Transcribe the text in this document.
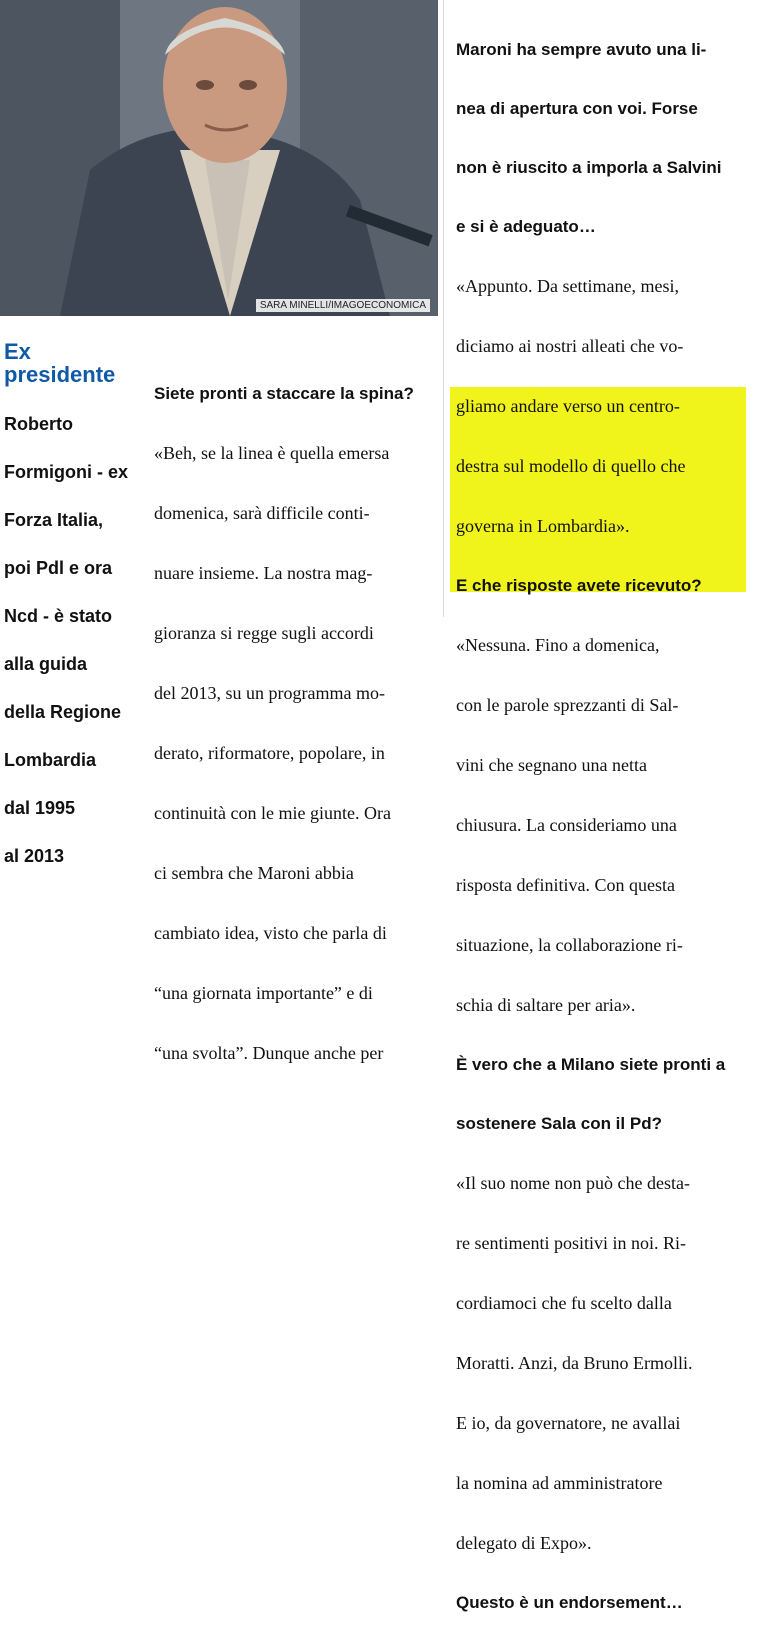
SARA MINELLI/IMAGOECONOMICA
Ex
presidente

Roberto

Formigoni - ex

Forza Italia,

poi Pdl e ora

Ncd - è stato

alla guida

della Regione

Lombardia

dal 1995

al 2013

Siete pronti a staccare la spina?

«Beh, se la linea è quella emersa

domenica, sarà difficile conti-

nuare insieme. La nostra mag-

gioranza si regge sugli accordi

del 2013, su un programma mo-

derato, riformatore, popolare, in

continuità con le mie giunte. Ora

ci sembra che Maroni abbia

cambiato idea, visto che parla di

“una giornata importante” e di

“una svolta”. Dunque anche per

Maroni ha sempre avuto una li-

nea di apertura con voi. Forse

non è riuscito a imporla a Salvini

e si è adeguato…

«Appunto. Da settimane, mesi,

diciamo ai nostri alleati che vo-

gliamo andare verso un centro-

destra sul modello di quello che

governa in Lombardia».

E che risposte avete ricevuto?

«Nessuna. Fino a domenica,

con le parole sprezzanti di Sal-

vini che segnano una netta

chiusura. La consideriamo una

risposta definitiva. Con questa

situazione, la collaborazione ri-

schia di saltare per aria».

È vero che a Milano siete pronti a

sostenere Sala con il Pd?

«Il suo nome non può che desta-

re sentimenti positivi in noi. Ri-

cordiamoci che fu scelto dalla

Moratti. Anzi, da Bruno Ermolli.

E io, da governatore, ne avallai

la nomina ad amministratore

delegato di Expo».

Questo è un endorsement…
